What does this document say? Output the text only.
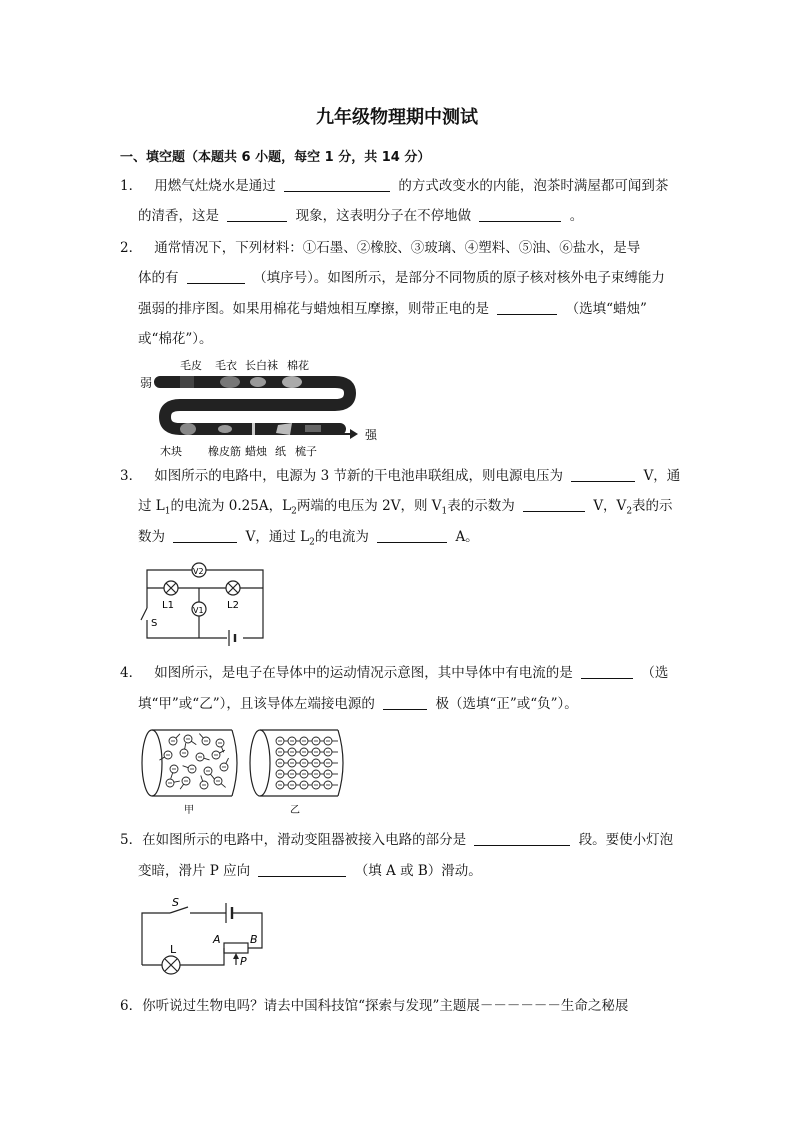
九年级物理期中测试
一、填空题（本题共 6 小题，每空 1 分，共 14 分）
1． 用燃气灶烧水是通过	的方式改变水的内能，泡茶时满屋都可闻到茶
的清香，这是	现象，这表明分子在不停地做	。
2． 通常情况下，下列材料：①石墨、②橡胶、③玻璃、④塑料、⑤油、⑥盐水，是导
体的有	（填序号）。如图所示，是部分不同物质的原子核对核外电子束缚能力
强弱的排序图。如果用棉花与蜡烛相互摩擦，则带正电的是	（选填“蜡烛”
或“棉花”）。
毛皮 毛衣 长白袜 棉花
弱
强
木块 橡皮筋 蜡烛 纸 梳子
3． 如图所示的电路中，电源为 3 节新的干电池串联组成，则电源电压为	V，通
过 $L_1$的电流为 0.25A，$L_2$两端的电压为 2V，则 $V_1$表的示数为	V，$V_2$表的示
数为	V，通过 $L_2$的电流为	A。
V2
V1
L1	L2
S
4． 如图所示，是电子在导体中的运动情况示意图，其中导体中有电流的是	（选
填“甲”或“乙”），且该导体左端接电源的	极（选填“正”或“负”）。
甲	乙
5．在如图所示的电路中，滑动变阻器被接入电路的部分是	段。要使小灯泡
变暗，滑片 P 应向	（填 A 或 B）滑动。
S
L
A	B
P
6．你听说过生物电吗？请去中国科技馆“探索与发现”主题展－－－－－－生命之秘展
